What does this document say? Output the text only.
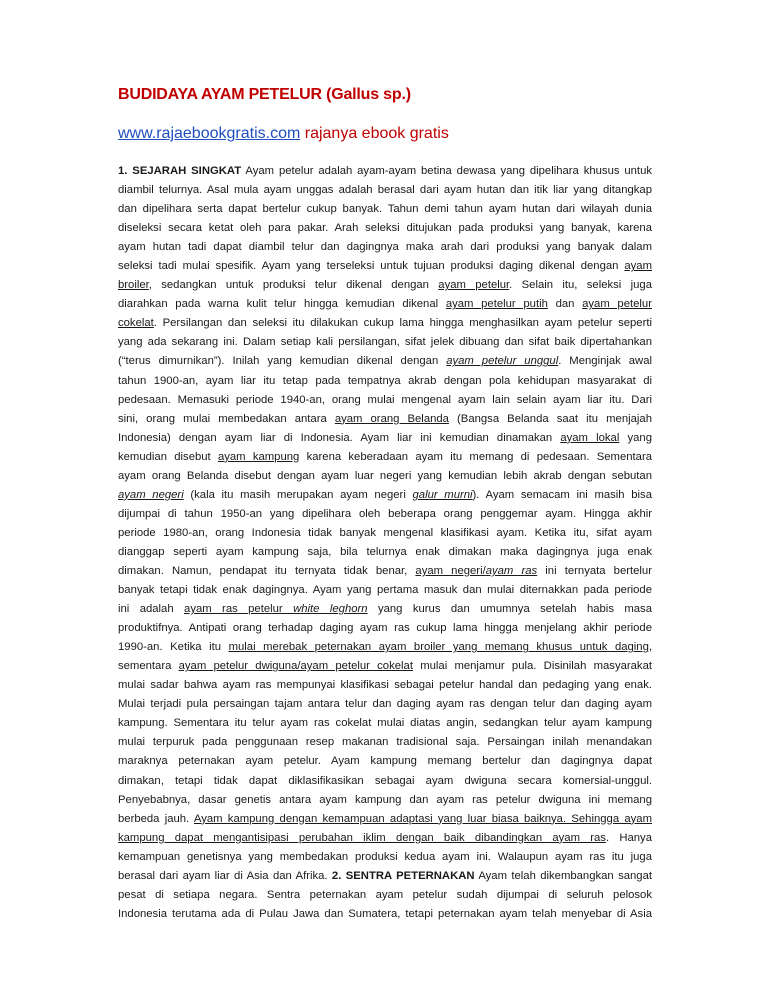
BUDIDAYA AYAM PETELUR (Gallus sp.)

www.rajaebookgratis.com rajanya ebook gratis

1. SEJARAH SINGKAT Ayam petelur adalah ayam-ayam betina dewasa yang dipelihara khusus untuk
diambil telurnya. Asal mula ayam unggas adalah berasal dari ayam hutan dan itik liar yang ditangkap
dan dipelihara serta dapat bertelur cukup banyak. Tahun demi tahun ayam hutan dari wilayah dunia
diseleksi secara ketat oleh para pakar. Arah seleksi ditujukan pada produksi yang banyak, karena
ayam hutan tadi dapat diambil telur dan dagingnya maka arah dari produksi yang banyak dalam
seleksi tadi mulai spesifik. Ayam yang terseleksi untuk tujuan produksi daging dikenal dengan ayam
broiler, sedangkan untuk produksi telur dikenal dengan ayam petelur. Selain itu, seleksi juga
diarahkan pada warna kulit telur hingga kemudian dikenal ayam petelur putih dan ayam petelur
cokelat. Persilangan dan seleksi itu dilakukan cukup lama hingga menghasilkan ayam petelur seperti
yang ada sekarang ini. Dalam setiap kali persilangan, sifat jelek dibuang dan sifat baik dipertahankan
(“terus dimurnikan”). Inilah yang kemudian dikenal dengan ayam petelur unggul. Menginjak awal
tahun 1900-an, ayam liar itu tetap pada tempatnya akrab dengan pola kehidupan masyarakat di
pedesaan. Memasuki periode 1940-an, orang mulai mengenal ayam lain selain ayam liar itu. Dari
sini, orang mulai membedakan antara ayam orang Belanda (Bangsa Belanda saat itu menjajah
Indonesia) dengan ayam liar di Indonesia. Ayam liar ini kemudian dinamakan ayam lokal yang
kemudian disebut ayam kampung karena keberadaan ayam itu memang di pedesaan. Sementara
ayam orang Belanda disebut dengan ayam luar negeri yang kemudian lebih akrab dengan sebutan
ayam negeri (kala itu masih merupakan ayam negeri galur murni). Ayam semacam ini masih bisa
dijumpai di tahun 1950-an yang dipelihara oleh beberapa orang penggemar ayam. Hingga akhir
periode 1980-an, orang Indonesia tidak banyak mengenal klasifikasi ayam. Ketika itu, sifat ayam
dianggap seperti ayam kampung saja, bila telurnya enak dimakan maka dagingnya juga enak
dimakan. Namun, pendapat itu ternyata tidak benar, ayam negeri/ayam ras ini ternyata bertelur
banyak tetapi tidak enak dagingnya. Ayam yang pertama masuk dan mulai diternakkan pada periode
ini adalah ayam ras petelur white leghorn yang kurus dan umumnya setelah habis masa
produktifnya. Antipati orang terhadap daging ayam ras cukup lama hingga menjelang akhir periode
1990-an. Ketika itu mulai merebak peternakan ayam broiler yang memang khusus untuk daging,
sementara ayam petelur dwiguna/ayam petelur cokelat mulai menjamur pula. Disinilah masyarakat
mulai sadar bahwa ayam ras mempunyai klasifikasi sebagai petelur handal dan pedaging yang enak.
Mulai terjadi pula persaingan tajam antara telur dan daging ayam ras dengan telur dan daging ayam
kampung. Sementara itu telur ayam ras cokelat mulai diatas angin, sedangkan telur ayam kampung
mulai terpuruk pada penggunaan resep makanan tradisional saja. Persaingan inilah menandakan
maraknya peternakan ayam petelur. Ayam kampung memang bertelur dan dagingnya dapat
dimakan, tetapi tidak dapat diklasifikasikan sebagai ayam dwiguna secara komersial-unggul.
Penyebabnya, dasar genetis antara ayam kampung dan ayam ras petelur dwiguna ini memang
berbeda jauh. Ayam kampung dengan kemampuan adaptasi yang luar biasa baiknya. Sehingga ayam
kampung dapat mengantisipasi perubahan iklim dengan baik dibandingkan ayam ras. Hanya
kemampuan genetisnya yang membedakan produksi kedua ayam ini. Walaupun ayam ras itu juga
berasal dari ayam liar di Asia dan Afrika. 2. SENTRA PETERNAKAN Ayam telah dikembangkan sangat
pesat di setiapa negara. Sentra peternakan ayam petelur sudah dijumpai di seluruh pelosok
Indonesia terutama ada di Pulau Jawa dan Sumatera, tetapi peternakan ayam telah menyebar di Asia
